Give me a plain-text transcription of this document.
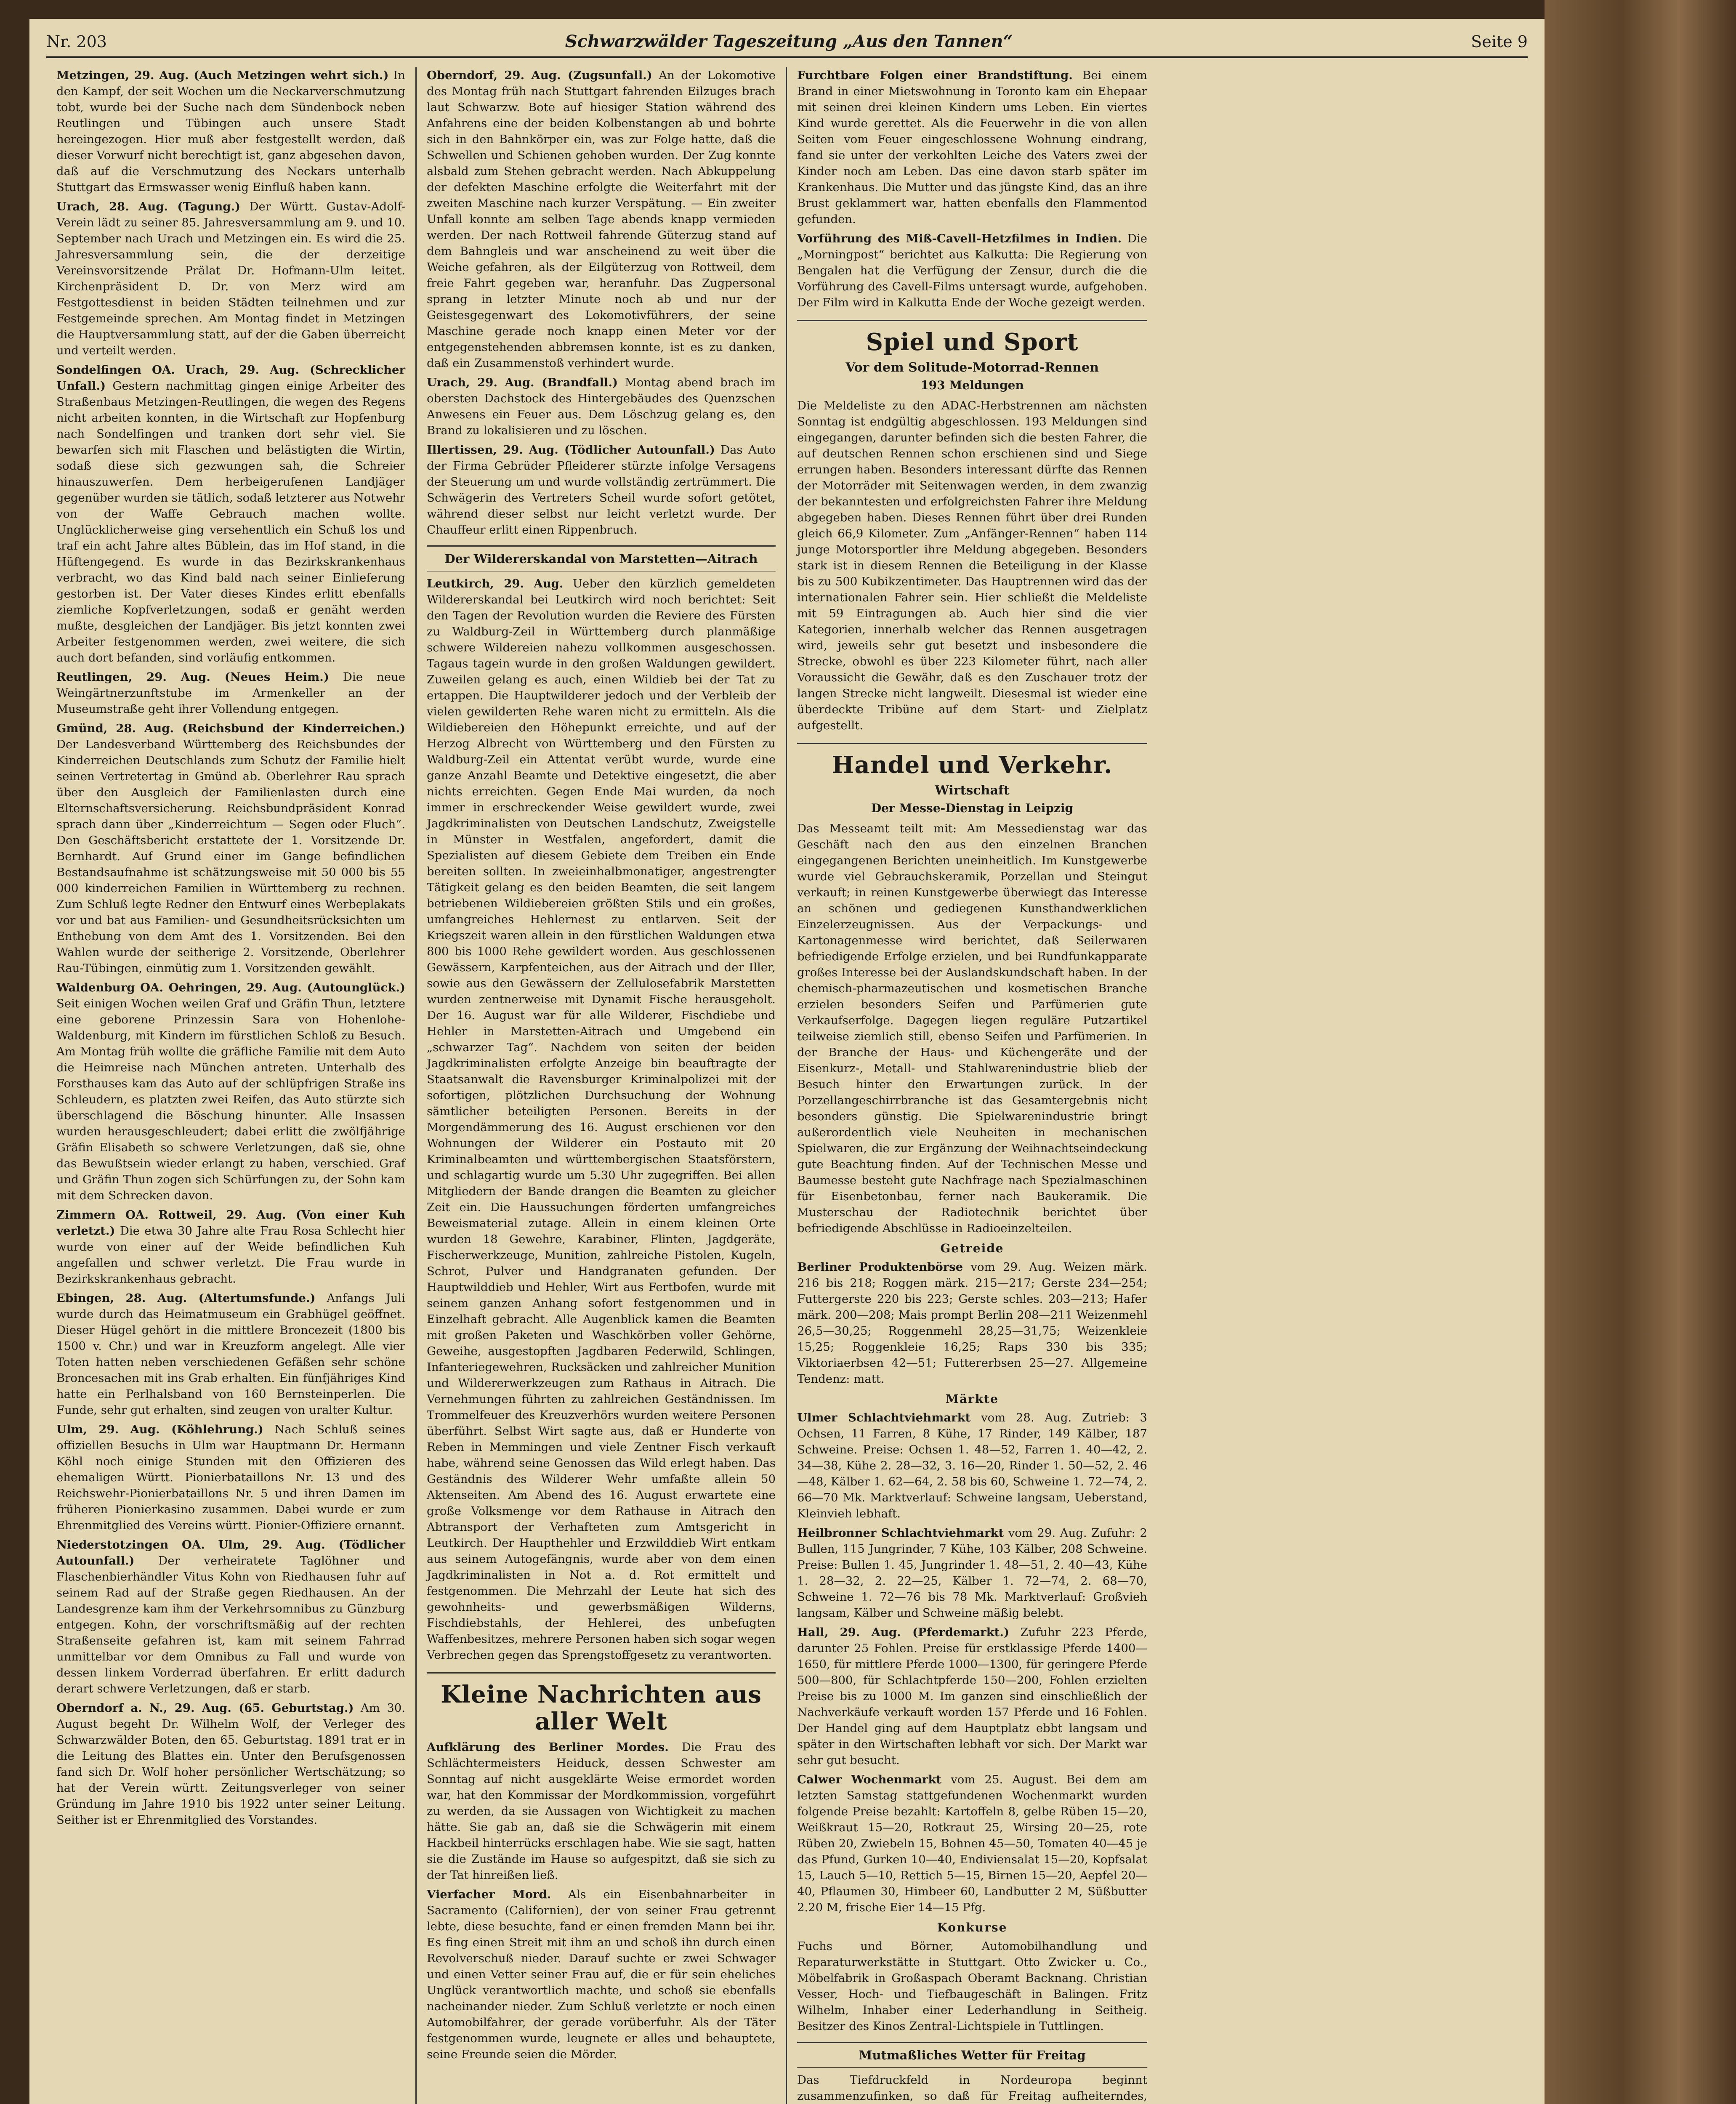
Nr. 203	Schwarzwälder Tageszeitung „Aus den Tannen“	Seite 9

Metzingen, 29. Aug. (Auch Metzingen wehrt sich.) In den Kampf, der seit Wochen um die Neckarverschmutzung tobt, wurde bei der Suche nach dem Sündenbock neben Reutlingen und Tübingen auch unsere Stadt hereingezogen. Hier muß aber festgestellt werden, daß dieser Vorwurf nicht berechtigt ist, ganz abgesehen davon, daß auf die Verschmutzung des Neckars unterhalb Stuttgart das Ermswasser wenig Einfluß haben kann.

Urach, 28. Aug. (Tagung.) Der Württ. Gustav-Adolf-Verein lädt zu seiner 85. Jahresversammlung am 9. und 10. September nach Urach und Metzingen ein. Es wird die 25. Jahresversammlung sein, die der derzeitige Vereinsvorsitzende Prälat Dr. Hofmann-Ulm leitet. Kirchenpräsident D. Dr. von Merz wird am Festgottesdienst in beiden Städten teilnehmen und zur Festgemeinde sprechen. Am Montag findet in Metzingen die Hauptversammlung statt, auf der die Gaben überreicht und verteilt werden.

Sondelfingen OA. Urach, 29. Aug. (Schrecklicher Unfall.) Gestern nachmittag gingen einige Arbeiter des Straßenbaus Metzingen-Reutlingen, die wegen des Regens nicht arbeiten konnten, in die Wirtschaft zur Hopfenburg nach Sondelfingen und tranken dort sehr viel. Sie bewarfen sich mit Flaschen und belästigten die Wirtin, sodaß diese sich gezwungen sah, die Schreier hinauszuwerfen. Dem herbeigerufenen Landjäger gegenüber wurden sie tätlich, sodaß letzterer aus Notwehr von der Waffe Gebrauch machen wollte. Unglücklicherweise ging versehentlich ein Schuß los und traf ein acht Jahre altes Büblein, das im Hof stand, in die Hüftengegend. Es wurde in das Bezirkskrankenhaus verbracht, wo das Kind bald nach seiner Einlieferung gestorben ist. Der Vater dieses Kindes erlitt ebenfalls ziemliche Kopfverletzungen, sodaß er genäht werden mußte, desgleichen der Landjäger. Bis jetzt konnten zwei Arbeiter festgenommen werden, zwei weitere, die sich auch dort befanden, sind vorläufig entkommen.

Reutlingen, 29. Aug. (Neues Heim.) Die neue Weingärtnerzunftstube im Armenkeller an der Museumstraße geht ihrer Vollendung entgegen.

Gmünd, 28. Aug. (Reichsbund der Kinderreichen.) Der Landesverband Württemberg des Reichsbundes der Kinderreichen Deutschlands zum Schutz der Familie hielt seinen Vertretertag in Gmünd ab. Oberlehrer Rau sprach über den Ausgleich der Familienlasten durch eine Elternschaftsversicherung. Reichsbundpräsident Konrad sprach dann über „Kinderreichtum — Segen oder Fluch“. Den Geschäftsbericht erstattete der 1. Vorsitzende Dr. Bernhardt. Auf Grund einer im Gange befindlichen Bestandsaufnahme ist schätzungsweise mit 50 000 bis 55 000 kinderreichen Familien in Württemberg zu rechnen. Zum Schluß legte Redner den Entwurf eines Werbeplakats vor und bat aus Familien- und Gesundheitsrücksichten um Enthebung von dem Amt des 1. Vorsitzenden. Bei den Wahlen wurde der seitherige 2. Vorsitzende, Oberlehrer Rau-Tübingen, einmütig zum 1. Vorsitzenden gewählt.

Waldenburg OA. Oehringen, 29. Aug. (Autounglück.) Seit einigen Wochen weilen Graf und Gräfin Thun, letztere eine geborene Prinzessin Sara von Hohenlohe-Waldenburg, mit Kindern im fürstlichen Schloß zu Besuch. Am Montag früh wollte die gräfliche Familie mit dem Auto die Heimreise nach München antreten. Unterhalb des Forsthauses kam das Auto auf der schlüpfrigen Straße ins Schleudern, es platzten zwei Reifen, das Auto stürzte sich überschlagend die Böschung hinunter. Alle Insassen wurden herausgeschleudert; dabei erlitt die zwölfjährige Gräfin Elisabeth so schwere Verletzungen, daß sie, ohne das Bewußtsein wieder erlangt zu haben, verschied. Graf und Gräfin Thun zogen sich Schürfungen zu, der Sohn kam mit dem Schrecken davon.

Zimmern OA. Rottweil, 29. Aug. (Von einer Kuh verletzt.) Die etwa 30 Jahre alte Frau Rosa Schlecht hier wurde von einer auf der Weide befindlichen Kuh angefallen und schwer verletzt. Die Frau wurde in Bezirkskrankenhaus gebracht.

Ebingen, 28. Aug. (Altertumsfunde.) Anfangs Juli wurde durch das Heimatmuseum ein Grabhügel geöffnet. Dieser Hügel gehört in die mittlere Broncezeit (1800 bis 1500 v. Chr.) und war in Kreuzform angelegt. Alle vier Toten hatten neben verschiedenen Gefäßen sehr schöne Broncesachen mit ins Grab erhalten. Ein fünfjähriges Kind hatte ein Perlhalsband von 160 Bernsteinperlen. Die Funde, sehr gut erhalten, sind zeugen von uralter Kultur.

Ulm, 29. Aug. (Köhlehrung.) Nach Schluß seines offiziellen Besuchs in Ulm war Hauptmann Dr. Hermann Köhl noch einige Stunden mit den Offizieren des ehemaligen Württ. Pionierbataillons Nr. 13 und des Reichswehr-Pionierbataillons Nr. 5 und ihren Damen im früheren Pionierkasino zusammen. Dabei wurde er zum Ehrenmitglied des Vereins württ. Pionier-Offiziere ernannt.

Niederstotzingen OA. Ulm, 29. Aug. (Tödlicher Autounfall.) Der verheiratete Taglöhner und Flaschenbierhändler Vitus Kohn von Riedhausen fuhr auf seinem Rad auf der Straße gegen Riedhausen. An der Landesgrenze kam ihm der Verkehrsomnibus zu Günzburg entgegen. Kohn, der vorschriftsmäßig auf der rechten Straßenseite gefahren ist, kam mit seinem Fahrrad unmittelbar vor dem Omnibus zu Fall und wurde von dessen linkem Vorderrad überfahren. Er erlitt dadurch derart schwere Verletzungen, daß er starb.

Oberndorf a. N., 29. Aug. (65. Geburtstag.) Am 30. August begeht Dr. Wilhelm Wolf, der Verleger des Schwarzwälder Boten, den 65. Geburtstag. 1891 trat er in die Leitung des Blattes ein. Unter den Berufsgenossen fand sich Dr. Wolf hoher persönlicher Wertschätzung; so hat der Verein württ. Zeitungsverleger von seiner Gründung im Jahre 1910 bis 1922 unter seiner Leitung. Seither ist er Ehrenmitglied des Vorstandes.

Oberndorf, 29. Aug. (Zugsunfall.) An der Lokomotive des Montag früh nach Stuttgart fahrenden Eilzuges brach laut Schwarzw. Bote auf hiesiger Station während des Anfahrens eine der beiden Kolbenstangen ab und bohrte sich in den Bahnkörper ein, was zur Folge hatte, daß die Schwellen und Schienen gehoben wurden. Der Zug konnte alsbald zum Stehen gebracht werden. Nach Abkuppelung der defekten Maschine erfolgte die Weiterfahrt mit der zweiten Maschine nach kurzer Verspätung. — Ein zweiter Unfall konnte am selben Tage abends knapp vermieden werden. Der nach Rottweil fahrende Güterzug stand auf dem Bahngleis und war anscheinend zu weit über die Weiche gefahren, als der Eilgüterzug von Rottweil, dem freie Fahrt gegeben war, heranfuhr. Das Zugpersonal sprang in letzter Minute noch ab und nur der Geistesgegenwart des Lokomotivführers, der seine Maschine gerade noch knapp einen Meter vor der entgegenstehenden abbremsen konnte, ist es zu danken, daß ein Zusammenstoß verhindert wurde.

Urach, 29. Aug. (Brandfall.) Montag abend brach im obersten Dachstock des Hintergebäudes des Quenzschen Anwesens ein Feuer aus. Dem Löschzug gelang es, den Brand zu lokalisieren und zu löschen.

Illertissen, 29. Aug. (Tödlicher Autounfall.) Das Auto der Firma Gebrüder Pfleiderer stürzte infolge Versagens der Steuerung um und wurde vollständig zertrümmert. Die Schwägerin des Vertreters Scheil wurde sofort getötet, während dieser selbst nur leicht verletzt wurde. Der Chauffeur erlitt einen Rippenbruch.

Der Wildererskandal von Marstetten—Aitrach

Leutkirch, 29. Aug. Ueber den kürzlich gemeldeten Wildererskandal bei Leutkirch wird noch berichtet: Seit den Tagen der Revolution wurden die Reviere des Fürsten zu Waldburg-Zeil in Württemberg durch planmäßige schwere Wildereien nahezu vollkommen ausgeschossen. Tagaus tagein wurde in den großen Waldungen gewildert. Zuweilen gelang es auch, einen Wildieb bei der Tat zu ertappen. Die Hauptwilderer jedoch und der Verbleib der vielen gewilderten Rehe waren nicht zu ermitteln. Als die Wildiebereien den Höhepunkt erreichte, und auf der Herzog Albrecht von Württemberg und den Fürsten zu Waldburg-Zeil ein Attentat verübt wurde, wurde eine ganze Anzahl Beamte und Detektive eingesetzt, die aber nichts erreichten. Gegen Ende Mai wurden, da noch immer in erschreckender Weise gewildert wurde, zwei Jagdkriminalisten von Deutschen Landschutz, Zweigstelle in Münster in Westfalen, angefordert, damit die Spezialisten auf diesem Gebiete dem Treiben ein Ende bereiten sollten. In zweieinhalbmonatiger, angestrengter Tätigkeit gelang es den beiden Beamten, die seit langem betriebenen Wildiebereien größten Stils und ein großes, umfangreiches Hehlernest zu entlarven. Seit der Kriegszeit waren allein in den fürstlichen Waldungen etwa 800 bis 1000 Rehe gewildert worden. Aus geschlossenen Gewässern, Karpfenteichen, aus der Aitrach und der Iller, sowie aus den Gewässern der Zellulosefabrik Marstetten wurden zentnerweise mit Dynamit Fische herausgeholt. Der 16. August war für alle Wilderer, Fischdiebe und Hehler in Marstetten-Aitrach und Umgebend ein „schwarzer Tag“. Nachdem von seiten der beiden Jagdkriminalisten erfolgte Anzeige bin beauftragte der Staatsanwalt die Ravensburger Kriminalpolizei mit der sofortigen, plötzlichen Durchsuchung der Wohnung sämtlicher beteiligten Personen. Bereits in der Morgendämmerung des 16. August erschienen vor den Wohnungen der Wilderer ein Postauto mit 20 Kriminalbeamten und württembergischen Staatsförstern, und schlagartig wurde um 5.30 Uhr zugegriffen. Bei allen Mitgliedern der Bande drangen die Beamten zu gleicher Zeit ein. Die Haussuchungen förderten umfangreiches Beweismaterial zutage. Allein in einem kleinen Orte wurden 18 Gewehre, Karabiner, Flinten, Jagdgeräte, Fischerwerkzeuge, Munition, zahlreiche Pistolen, Kugeln, Schrot, Pulver und Handgranaten gefunden. Der Hauptwilddieb und Hehler, Wirt aus Fertbofen, wurde mit seinem ganzen Anhang sofort festgenommen und in Einzelhaft gebracht. Alle Augenblick kamen die Beamten mit großen Paketen und Waschkörben voller Gehörne, Geweihe, ausgestopften Jagdbaren Federwild, Schlingen, Infanteriegewehren, Rucksäcken und zahlreicher Munition und Wildererwerkzeugen zum Rathaus in Aitrach. Die Vernehmungen führten zu zahlreichen Geständnissen. Im Trommelfeuer des Kreuzverhörs wurden weitere Personen überführt. Selbst Wirt sagte aus, daß er Hunderte von Reben in Memmingen und viele Zentner Fisch verkauft habe, während seine Genossen das Wild erlegt haben. Das Geständnis des Wilderer Wehr umfaßte allein 50 Aktenseiten. Am Abend des 16. August erwartete eine große Volksmenge vor dem Rathause in Aitrach den Abtransport der Verhafteten zum Amtsgericht in Leutkirch. Der Haupthehler und Erzwilddieb Wirt entkam aus seinem Autogefängnis, wurde aber von dem einen Jagdkriminalisten in Not a. d. Rot ermittelt und festgenommen. Die Mehrzahl der Leute hat sich des gewohnheits- und gewerbsmäßigen Wilderns, Fischdiebstahls, der Hehlerei, des unbefugten Waffenbesitzes, mehrere Personen haben sich sogar wegen Verbrechen gegen das Sprengstoffgesetz zu verantworten.

Kleine Nachrichten aus aller Welt

Aufklärung des Berliner Mordes. Die Frau des Schlächtermeisters Heiduck, dessen Schwester am Sonntag auf nicht ausgeklärte Weise ermordet worden war, hat den Kommissar der Mordkommission, vorgeführt zu werden, da sie Aussagen von Wichtigkeit zu machen hätte. Sie gab an, daß sie die Schwägerin mit einem Hackbeil hinterrücks erschlagen habe. Wie sie sagt, hatten sie die Zustände im Hause so aufgespitzt, daß sie sich zu der Tat hinreißen ließ.

Vierfacher Mord. Als ein Eisenbahnarbeiter in Sacramento (Californien), der von seiner Frau getrennt lebte, diese besuchte, fand er einen fremden Mann bei ihr. Es fing einen Streit mit ihm an und schoß ihn durch einen Revolverschuß nieder. Darauf suchte er zwei Schwager und einen Vetter seiner Frau auf, die er für sein eheliches Unglück verantwortlich machte, und schoß sie ebenfalls nacheinander nieder. Zum Schluß verletzte er noch einen Automobilfahrer, der gerade vorüberfuhr. Als der Täter festgenommen wurde, leugnete er alles und behauptete, seine Freunde seien die Mörder.

Furchtbare Folgen einer Brandstiftung. Bei einem Brand in einer Mietswohnung in Toronto kam ein Ehepaar mit seinen drei kleinen Kindern ums Leben. Ein viertes Kind wurde gerettet. Als die Feuerwehr in die von allen Seiten vom Feuer eingeschlossene Wohnung eindrang, fand sie unter der verkohlten Leiche des Vaters zwei der Kinder noch am Leben. Das eine davon starb später im Krankenhaus. Die Mutter und das jüngste Kind, das an ihre Brust geklammert war, hatten ebenfalls den Flammentod gefunden.

Vorführung des Miß-Cavell-Hetzfilmes in Indien. Die „Morningpost“ berichtet aus Kalkutta: Die Regierung von Bengalen hat die Verfügung der Zensur, durch die die Vorführung des Cavell-Films untersagt wurde, aufgehoben. Der Film wird in Kalkutta Ende der Woche gezeigt werden.

Spiel und Sport
Vor dem Solitude-Motorrad-Rennen
193 Meldungen

Die Meldeliste zu den ADAC-Herbstrennen am nächsten Sonntag ist endgültig abgeschlossen. 193 Meldungen sind eingegangen, darunter befinden sich die besten Fahrer, die auf deutschen Rennen schon erschienen sind und Siege errungen haben. Besonders interessant dürfte das Rennen der Motorräder mit Seitenwagen werden, in dem zwanzig der bekanntesten und erfolgreichsten Fahrer ihre Meldung abgegeben haben. Dieses Rennen führt über drei Runden gleich 66,9 Kilometer. Zum „Anfänger-Rennen“ haben 114 junge Motorsportler ihre Meldung abgegeben. Besonders stark ist in diesem Rennen die Beteiligung in der Klasse bis zu 500 Kubikzentimeter. Das Hauptrennen wird das der internationalen Fahrer sein. Hier schließt die Meldeliste mit 59 Eintragungen ab. Auch hier sind die vier Kategorien, innerhalb welcher das Rennen ausgetragen wird, jeweils sehr gut besetzt und insbesondere die Strecke, obwohl es über 223 Kilometer führt, nach aller Voraussicht die Gewähr, daß es den Zuschauer trotz der langen Strecke nicht langweilt. Diesesmal ist wieder eine überdeckte Tribüne auf dem Start- und Zielplatz aufgestellt.

Handel und Verkehr.
Wirtschaft
Der Messe-Dienstag in Leipzig

Das Messeamt teilt mit: Am Messedienstag war das Geschäft nach den aus den einzelnen Branchen eingegangenen Berichten uneinheitlich. Im Kunstgewerbe wurde viel Gebrauchskeramik, Porzellan und Steingut verkauft; in reinen Kunstgewerbe überwiegt das Interesse an schönen und gediegenen Kunsthandwerklichen Einzelerzeugnissen. Aus der Verpackungs- und Kartonagenmesse wird berichtet, daß Seilerwaren befriedigende Erfolge erzielen, und bei Rundfunkapparate großes Interesse bei der Auslandskundschaft haben. In der chemisch-pharmazeutischen und kosmetischen Branche erzielen besonders Seifen und Parfümerien gute Verkaufserfolge. Dagegen liegen reguläre Putzartikel teilweise ziemlich still, ebenso Seifen und Parfümerien. In der Branche der Haus- und Küchengeräte und der Eisenkurz-, Metall- und Stahlwarenindustrie blieb der Besuch hinter den Erwartungen zurück. In der Porzellangeschirrbranche ist das Gesamtergebnis nicht besonders günstig. Die Spielwarenindustrie bringt außerordentlich viele Neuheiten in mechanischen Spielwaren, die zur Ergänzung der Weihnachtseindeckung gute Beachtung finden. Auf der Technischen Messe und Baumesse besteht gute Nachfrage nach Spezialmaschinen für Eisenbetonbau, ferner nach Baukeramik. Die Musterschau der Radiotechnik berichtet über befriedigende Abschlüsse in Radioeinzelteilen.

Getreide

Berliner Produktenbörse vom 29. Aug. Weizen märk. 216 bis 218; Roggen märk. 215—217; Gerste 234—254; Futtergerste 220 bis 223; Gerste schles. 203—213; Hafer märk. 200—208; Mais prompt Berlin 208—211 Weizenmehl 26,5—30,25; Roggenmehl 28,25—31,75; Weizenkleie 15,25; Roggenkleie 16,25; Raps 330 bis 335; Viktoriaerbsen 42—51; Futtererbsen 25—27. Allgemeine Tendenz: matt.

Märkte

Ulmer Schlachtviehmarkt vom 28. Aug. Zutrieb: 3 Ochsen, 11 Farren, 8 Kühe, 17 Rinder, 149 Kälber, 187 Schweine. Preise: Ochsen 1. 48—52, Farren 1. 40—42, 2. 34—38, Kühe 2. 28—32, 3. 16—20, Rinder 1. 50—52, 2. 46—48, Kälber 1. 62—64, 2. 58 bis 60, Schweine 1. 72—74, 2. 66—70 Mk. Marktverlauf: Schweine langsam, Ueberstand, Kleinvieh lebhaft.

Heilbronner Schlachtviehmarkt vom 29. Aug. Zufuhr: 2 Bullen, 115 Jungrinder, 7 Kühe, 103 Kälber, 208 Schweine. Preise: Bullen 1. 45, Jungrinder 1. 48—51, 2. 40—43, Kühe 1. 28—32, 2. 22—25, Kälber 1. 72—74, 2. 68—70, Schweine 1. 72—76 bis 78 Mk. Marktverlauf: Großvieh langsam, Kälber und Schweine mäßig belebt.

Hall, 29. Aug. (Pferdemarkt.) Zufuhr 223 Pferde, darunter 25 Fohlen. Preise für erstklassige Pferde 1400—1650, für mittlere Pferde 1000—1300, für geringere Pferde 500—800, für Schlachtpferde 150—200, Fohlen erzielten Preise bis zu 1000 M. Im ganzen sind einschließlich der Nachverkäufe verkauft worden 157 Pferde und 16 Fohlen. Der Handel ging auf dem Hauptplatz ebbt langsam und später in den Wirtschaften lebhaft vor sich. Der Markt war sehr gut besucht.

Calwer Wochenmarkt vom 25. August. Bei dem am letzten Samstag stattgefundenen Wochenmarkt wurden folgende Preise bezahlt: Kartoffeln 8, gelbe Rüben 15—20, Weißkraut 15—20, Rotkraut 25, Wirsing 20—25, rote Rüben 20, Zwiebeln 15, Bohnen 45—50, Tomaten 40—45 je das Pfund, Gurken 10—40, Endiviensalat 15—20, Kopfsalat 15, Lauch 5—10, Rettich 5—15, Birnen 15—20, Aepfel 20—40, Pflaumen 30, Himbeer 60, Landbutter 2 M, Süßbutter 2.20 M, frische Eier 14—15 Pfg.

Konkurse

Fuchs und Börner, Automobilhandlung und Reparaturwerkstätte in Stuttgart. Otto Zwicker u. Co., Möbelfabrik in Großaspach Oberamt Backnang. Christian Vesser, Hoch- und Tiefbaugeschäft in Balingen. Fritz Wilhelm, Inhaber einer Lederhandlung in Seitheig. Besitzer des Kinos Zentral-Lichtspiele in Tuttlingen.

Mutmaßliches Wetter für Freitag

Das Tiefdruckfeld in Nordeuropa beginnt zusammenzufinken, so daß für Freitag aufheiterndes,
